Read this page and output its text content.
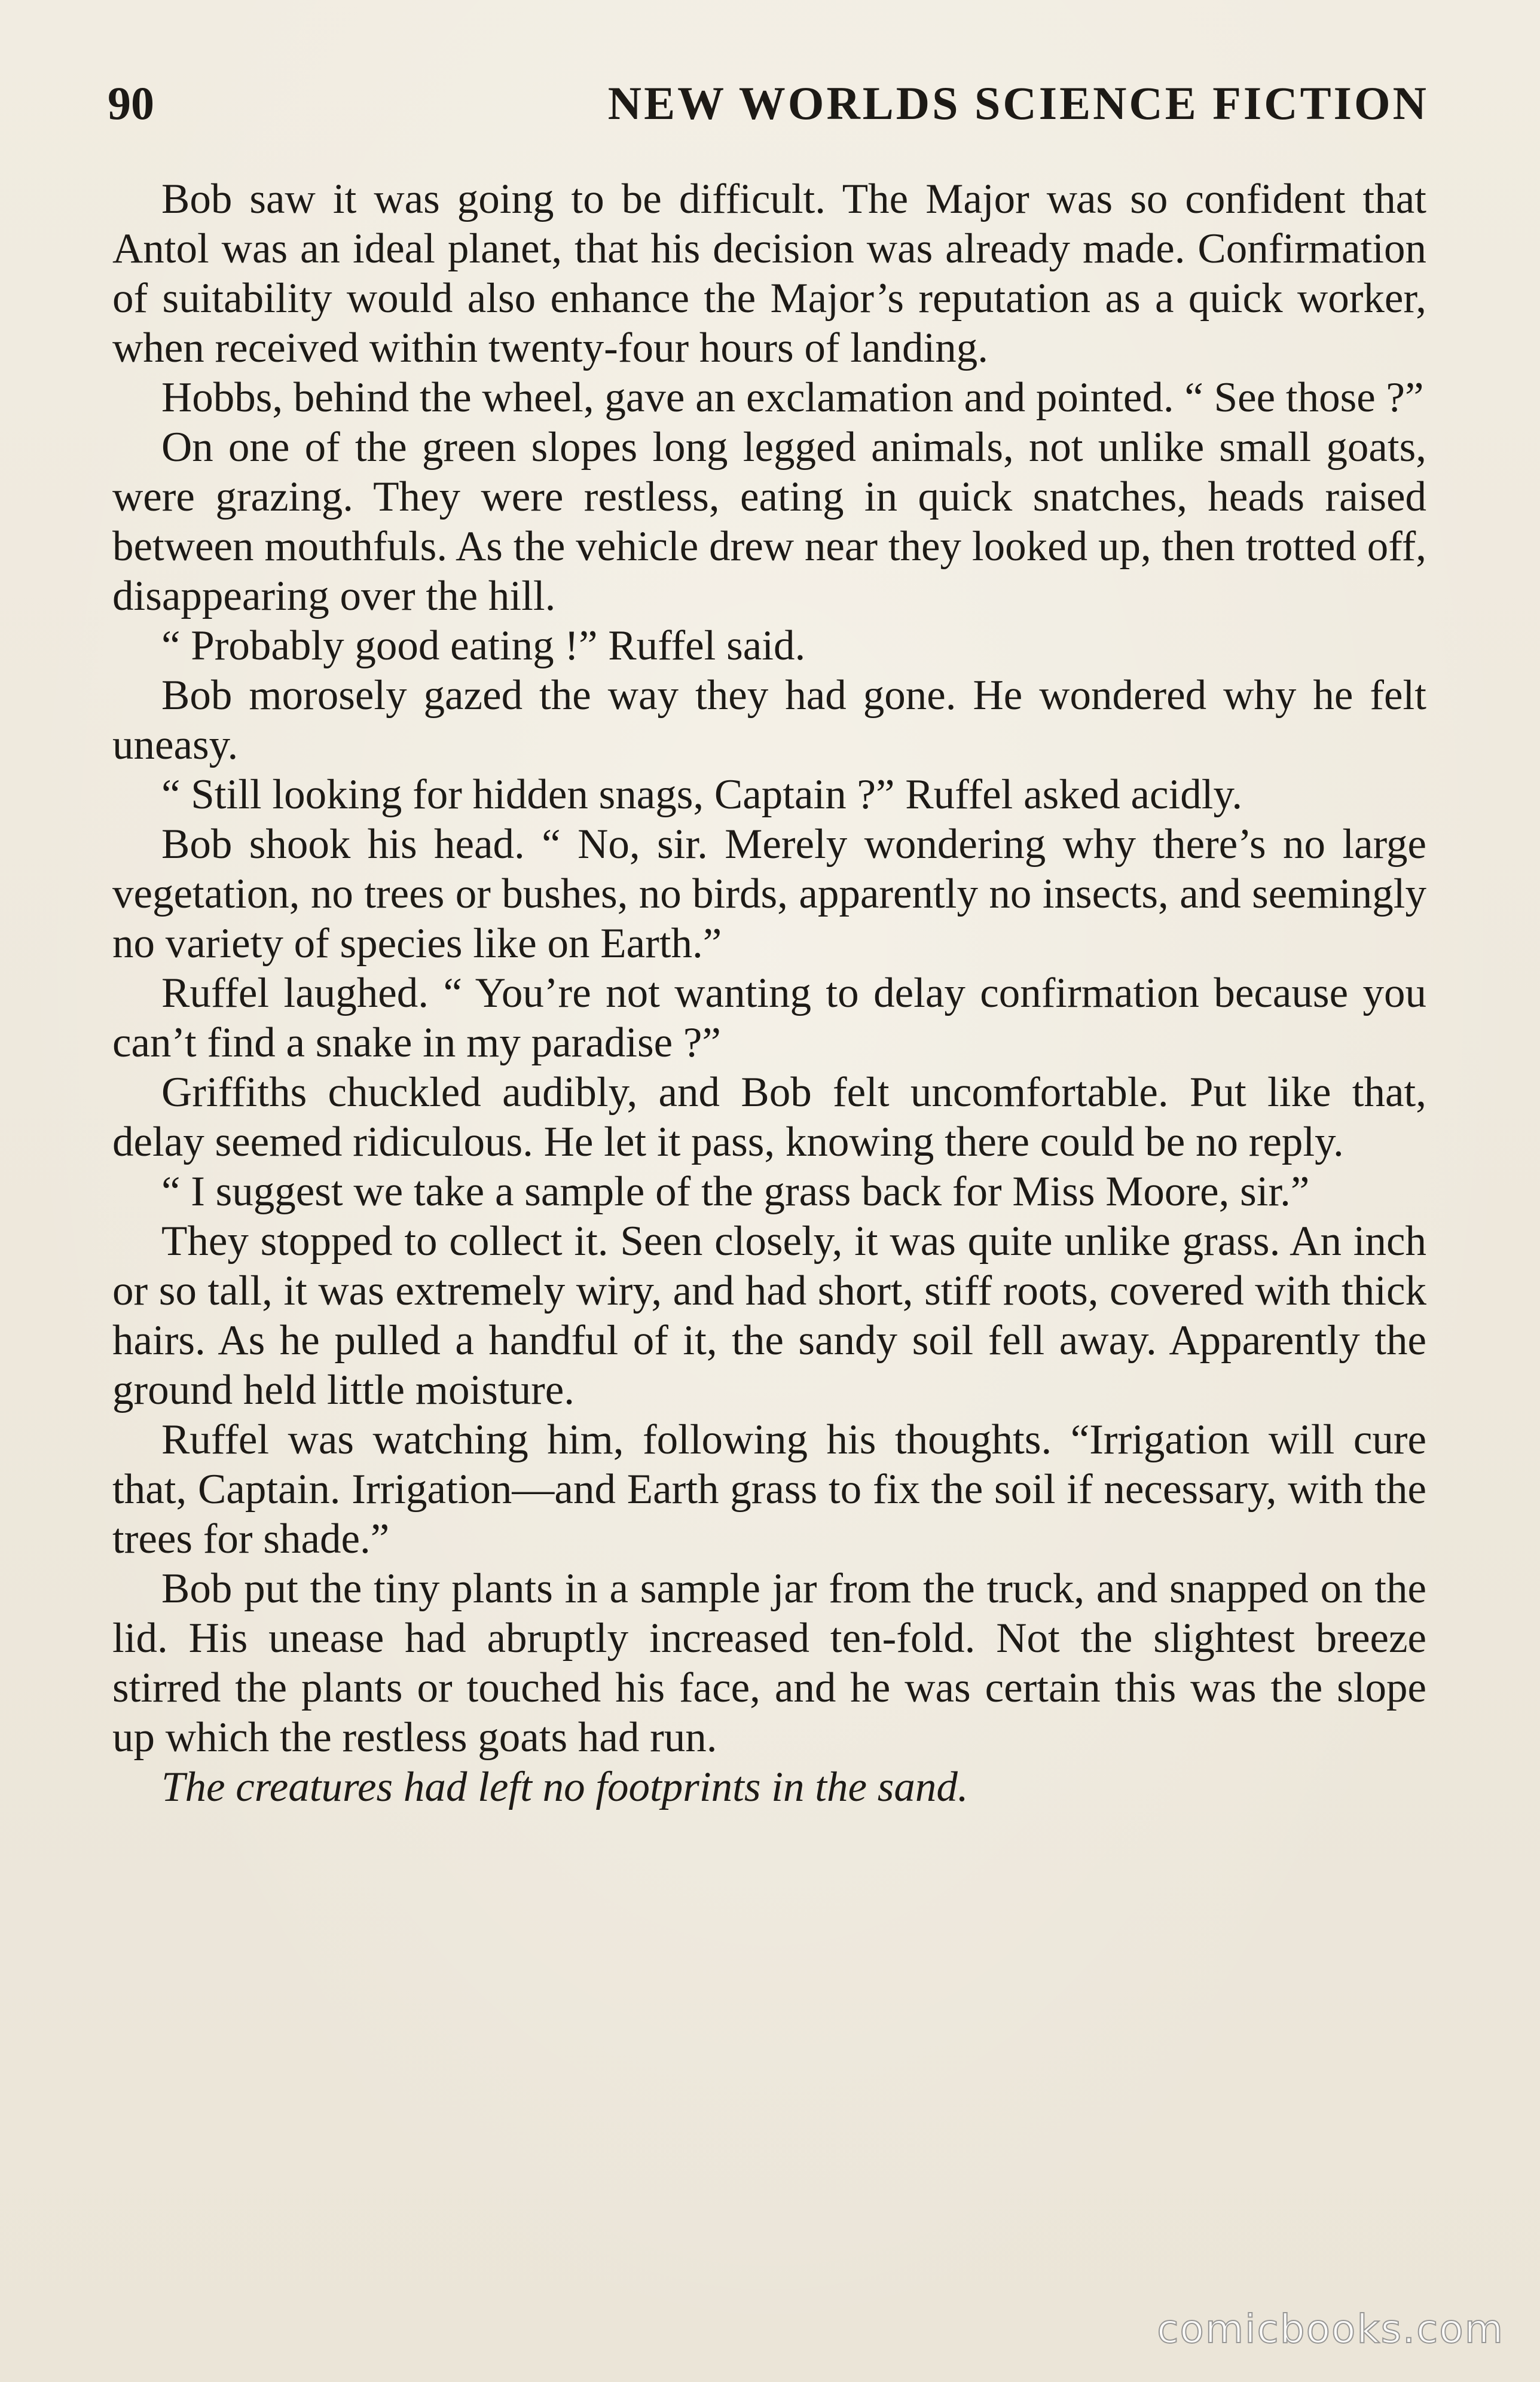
90	NEW WORLDS SCIENCE FICTION

Bob saw it was going to be difficult. The Major was so confident that Antol was an ideal planet, that his decision was already made. Confirmation of suitability would also enhance the Major’s reputation as a quick worker, when received within twenty-four hours of landing.

Hobbs, behind the wheel, gave an exclamation and pointed. “ See those ?”

On one of the green slopes long legged animals, not unlike small goats, were grazing. They were restless, eating in quick snatches, heads raised between mouthfuls. As the vehicle drew near they looked up, then trotted off, disappearing over the hill.

“ Probably good eating !” Ruffel said.

Bob morosely gazed the way they had gone. He wondered why he felt uneasy.

“ Still looking for hidden snags, Captain ?” Ruffel asked acidly.

Bob shook his head. “ No, sir. Merely wondering why there’s no large vegetation, no trees or bushes, no birds, apparently no insects, and seemingly no variety of species like on Earth.”

Ruffel laughed. “ You’re not wanting to delay confirmation because you can’t find a snake in my paradise ?”

Griffiths chuckled audibly, and Bob felt uncomfortable. Put like that, delay seemed ridiculous. He let it pass, knowing there could be no reply.

“ I suggest we take a sample of the grass back for Miss Moore, sir.”

They stopped to collect it. Seen closely, it was quite unlike grass. An inch or so tall, it was extremely wiry, and had short, stiff roots, covered with thick hairs. As he pulled a handful of it, the sandy soil fell away. Apparently the ground held little moisture.

Ruffel was watching him, following his thoughts. “Irrigation will cure that, Captain. Irrigation—and Earth grass to fix the soil if necessary, with the trees for shade.”

Bob put the tiny plants in a sample jar from the truck, and snapped on the lid. His unease had abruptly increased ten-fold. Not the slightest breeze stirred the plants or touched his face, and he was certain this was the slope up which the restless goats had run.

The creatures had left no footprints in the sand.

comicbooks.com
